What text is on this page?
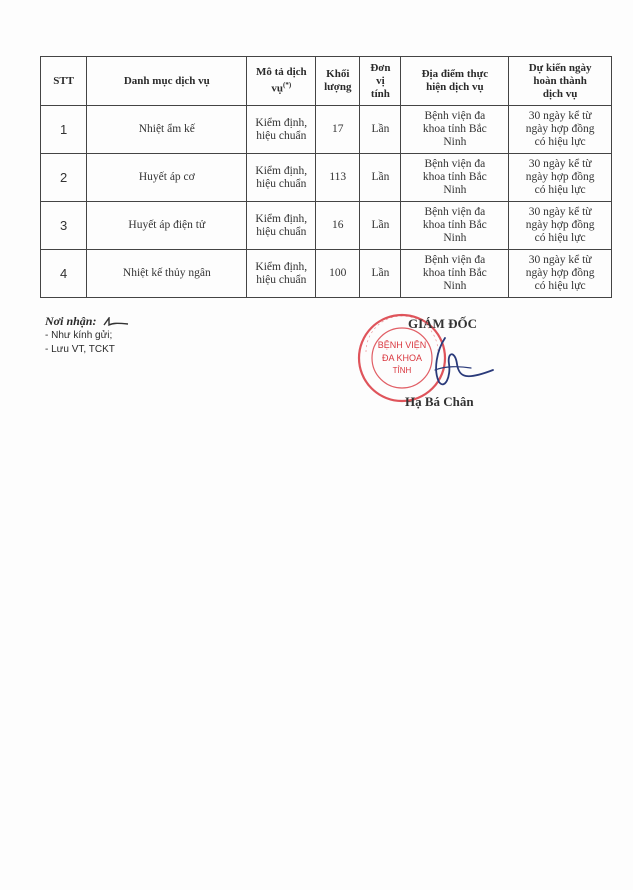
STT	Danh mục dịch vụ	Mô tả dịch vụ(*)	Khối
lượng	Đơn
vị
tính	Địa điểm thực
hiện dịch vụ	Dự kiến ngày
hoàn thành
dịch vụ
1	Nhiệt ẩm kế	Kiểm định,
hiệu chuẩn	17	Lần	Bệnh viện đa
khoa tỉnh Bắc
Ninh	30 ngày kể từ
ngày hợp đồng
có hiệu lực
2	Huyết áp cơ	Kiểm định,
hiệu chuẩn	113	Lần	Bệnh viện đa
khoa tỉnh Bắc
Ninh	30 ngày kể từ
ngày hợp đồng
có hiệu lực
3	Huyết áp điện tử	Kiểm định,
hiệu chuẩn	16	Lần	Bệnh viện đa
khoa tỉnh Bắc
Ninh	30 ngày kể từ
ngày hợp đồng
có hiệu lực
4	Nhiệt kế thủy ngân	Kiểm định,
hiệu chuẩn	100	Lần	Bệnh viện đa
khoa tỉnh Bắc
Ninh	30 ngày kể từ
ngày hợp đồng
có hiệu lực
Nơi nhận:
- Như kính gửi;
- Lưu VT, TCKT	BỆNH VIỆN
ĐA KHOA
TỈNH
GIÁM ĐỐC
Hạ Bá Chân
